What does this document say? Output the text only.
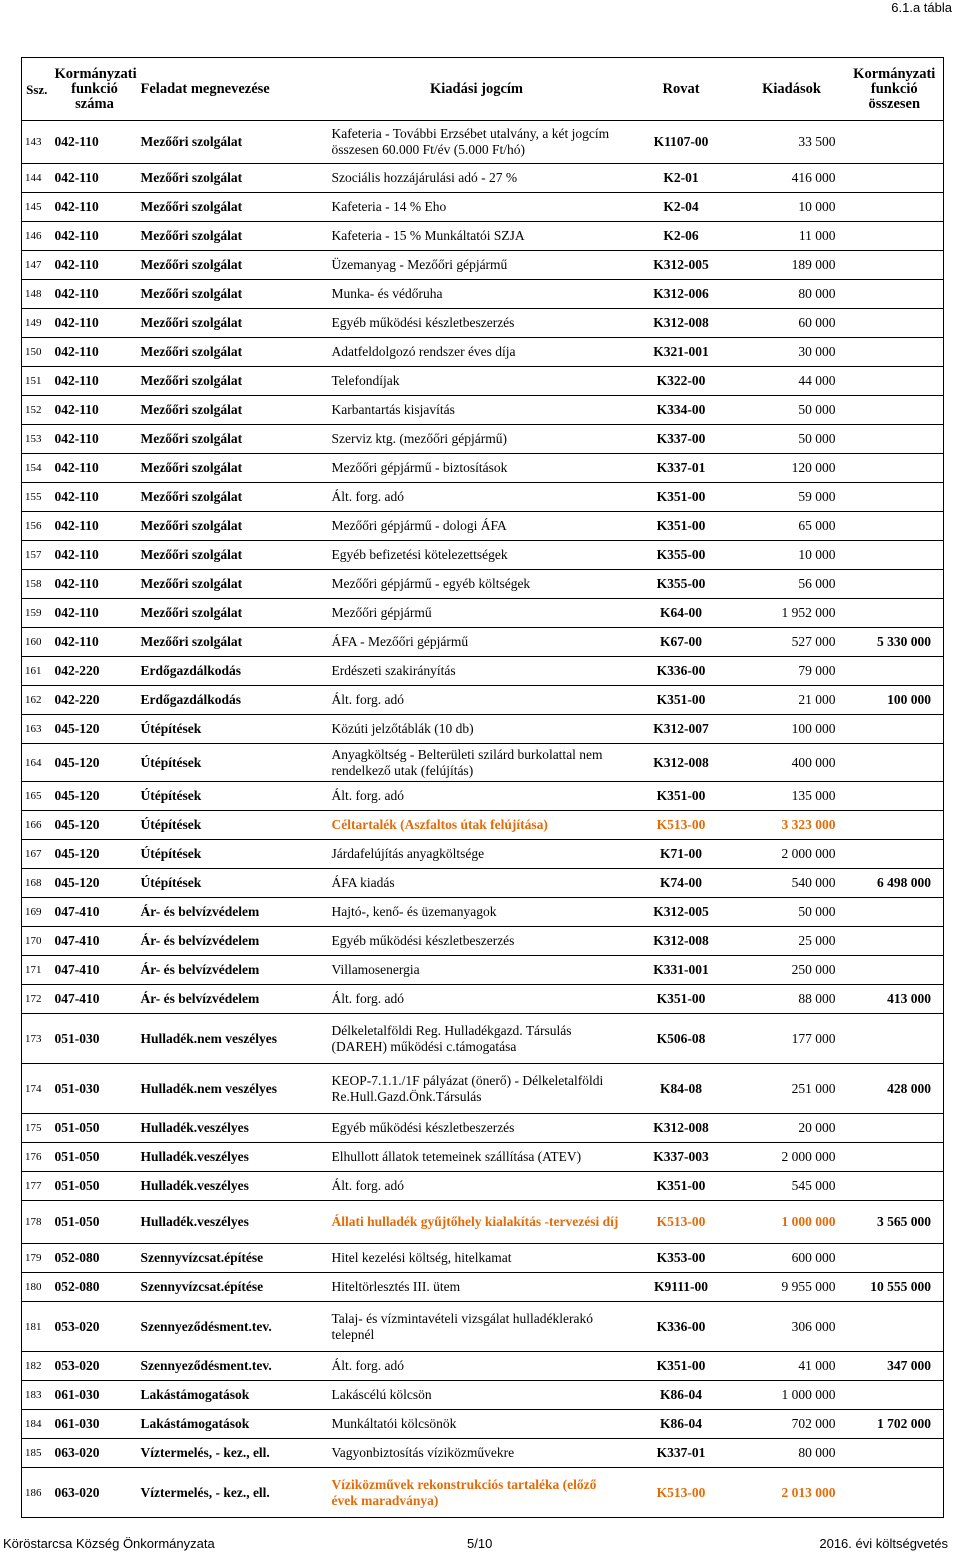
6.1.a tábla
Ssz.	Kormányzati funkció száma	Feladat megnevezése	Kiadási jogcím	Rovat	Kiadások	Kormányzati funkció összesen
143	042-110	Mezőőri szolgálat	Kafeteria - További Erzsébet utalvány, a két jogcím összesen 60.000 Ft/év (5.000 Ft/hó)	K1107-00	33 500	
144	042-110	Mezőőri szolgálat	Szociális hozzájárulási adó - 27 %	K2-01	416 000	
145	042-110	Mezőőri szolgálat	Kafeteria - 14 % Eho	K2-04	10 000	
146	042-110	Mezőőri szolgálat	Kafeteria - 15 % Munkáltatói SZJA	K2-06	11 000	
147	042-110	Mezőőri szolgálat	Üzemanyag - Mezőőri gépjármű	K312-005	189 000	
148	042-110	Mezőőri szolgálat	Munka- és védőruha	K312-006	80 000	
149	042-110	Mezőőri szolgálat	Egyéb működési készletbeszerzés	K312-008	60 000	
150	042-110	Mezőőri szolgálat	Adatfeldolgozó rendszer éves díja	K321-001	30 000	
151	042-110	Mezőőri szolgálat	Telefondíjak	K322-00	44 000	
152	042-110	Mezőőri szolgálat	Karbantartás kisjavítás	K334-00	50 000	
153	042-110	Mezőőri szolgálat	Szerviz ktg. (mezőőri gépjármű)	K337-00	50 000	
154	042-110	Mezőőri szolgálat	Mezőőri gépjármű - biztosítások	K337-01	120 000	
155	042-110	Mezőőri szolgálat	Ált. forg. adó	K351-00	59 000	
156	042-110	Mezőőri szolgálat	Mezőőri gépjármű - dologi ÁFA	K351-00	65 000	
157	042-110	Mezőőri szolgálat	Egyéb befizetési kötelezettségek	K355-00	10 000	
158	042-110	Mezőőri szolgálat	Mezőőri gépjármű - egyéb költségek	K355-00	56 000	
159	042-110	Mezőőri szolgálat	Mezőőri gépjármű	K64-00	1 952 000	
160	042-110	Mezőőri szolgálat	ÁFA - Mezőőri gépjármű	K67-00	527 000	5 330 000
161	042-220	Erdőgazdálkodás	Erdészeti szakirányítás	K336-00	79 000	
162	042-220	Erdőgazdálkodás	Ált. forg. adó	K351-00	21 000	100 000
163	045-120	Útépítések	Közúti jelzőtáblák (10 db)	K312-007	100 000	
164	045-120	Útépítések	Anyagköltség - Belterületi szilárd burkolattal nem rendelkező utak (felújítás)	K312-008	400 000	
165	045-120	Útépítések	Ált. forg. adó	K351-00	135 000	
166	045-120	Útépítések	Céltartalék (Aszfaltos útak felújítása)	K513-00	3 323 000	
167	045-120	Útépítések	Járdafelújítás anyagköltsége	K71-00	2 000 000	
168	045-120	Útépítések	ÁFA kiadás	K74-00	540 000	6 498 000
169	047-410	Ár- és belvízvédelem	Hajtó-, kenő- és üzemanyagok	K312-005	50 000	
170	047-410	Ár- és belvízvédelem	Egyéb működési készletbeszerzés	K312-008	25 000	
171	047-410	Ár- és belvízvédelem	Villamosenergia	K331-001	250 000	
172	047-410	Ár- és belvízvédelem	Ált. forg. adó	K351-00	88 000	413 000
173	051-030	Hulladék.nem veszélyes	Délkeletalföldi Reg. Hulladékgazd. Társulás (DAREH) működési c.támogatása	K506-08	177 000	
174	051-030	Hulladék.nem veszélyes	KEOP-7.1.1./1F pályázat (önerő) - Délkeletalföldi Re.Hull.Gazd.Önk.Társulás	K84-08	251 000	428 000
175	051-050	Hulladék.veszélyes	Egyéb működési készletbeszerzés	K312-008	20 000	
176	051-050	Hulladék.veszélyes	Elhullott állatok tetemeinek szállítása (ATEV)	K337-003	2 000 000	
177	051-050	Hulladék.veszélyes	Ált. forg. adó	K351-00	545 000	
178	051-050	Hulladék.veszélyes	Állati hulladék gyűjtőhely kialakítás -tervezési díj	K513-00	1 000 000	3 565 000
179	052-080	Szennyvízcsat.építése	Hitel kezelési költség, hitelkamat	K353-00	600 000	
180	052-080	Szennyvízcsat.építése	Hiteltörlesztés III. ütem	K9111-00	9 955 000	10 555 000
181	053-020	Szennyeződésment.tev.	Talaj- és vízmintavételi vizsgálat hulladéklerakó telepnél	K336-00	306 000	
182	053-020	Szennyeződésment.tev.	Ált. forg. adó	K351-00	41 000	347 000
183	061-030	Lakástámogatások	Lakáscélú kölcsön	K86-04	1 000 000	
184	061-030	Lakástámogatások	Munkáltatói kölcsönök	K86-04	702 000	1 702 000
185	063-020	Víztermelés, - kez., ell.	Vagyonbiztosítás víziközművekre	K337-01	80 000	
186	063-020	Víztermelés, - kez., ell.	Víziközművek rekonstrukciós tartaléka (előző évek maradványa)	K513-00	2 013 000	
Köröstarcsa Község Önkormányzata	5/10	2016. évi költségvetés
